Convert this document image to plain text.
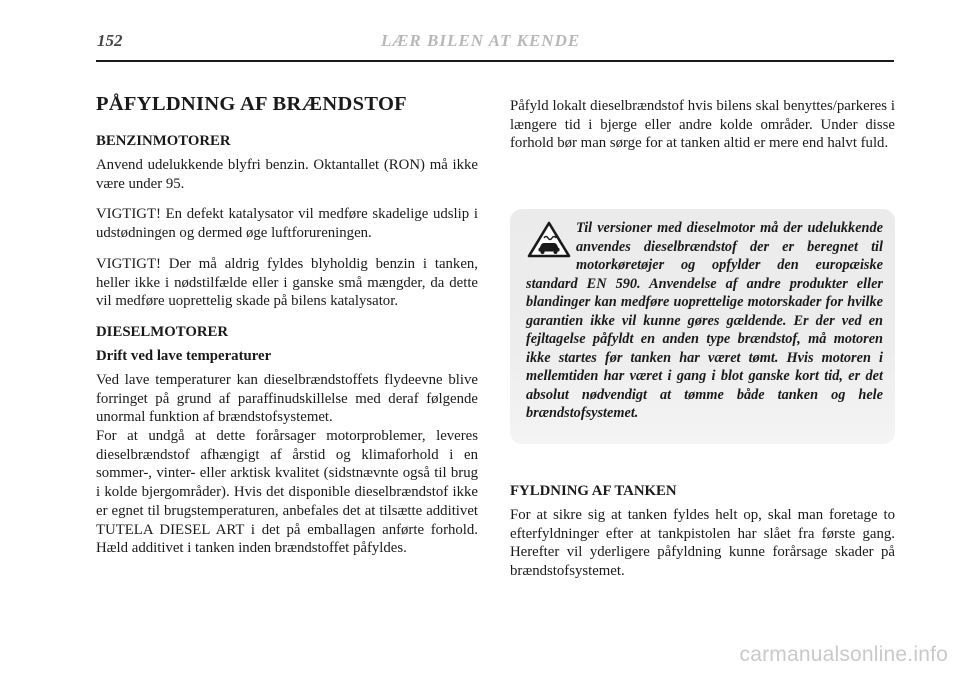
152	LÆR BILEN AT KENDE
PÅFYLDNING AF BRÆNDSTOF
BENZINMOTORER

Anvend udelukkende blyfri benzin. Oktantallet (RON) må ikke være under 95.

VIGTIGT! En defekt katalysator vil medføre skadelige udslip i udstødningen og dermed øge luftforureningen.

VIGTIGT! Der må aldrig fyldes blyholdig benzin i tanken, heller ikke i nødstilfælde eller i ganske små mængder, da dette vil medføre uoprettelig skade på bilens katalysator.

DIESELMOTORER
Drift ved lave temperaturer

Ved lave temperaturer kan dieselbrændstoffets flydeevne blive forringet på grund af paraffinudskillelse med deraf følgende unormal funktion af brændstofsystemet.

For at undgå at dette forårsager motorproblemer, leveres dieselbrændstof afhængigt af årstid og klimaforhold i en sommer-, vinter- eller arktisk kvalitet (sidstnævnte også til brug i kolde bjergområder). Hvis det disponible dieselbrændstof ikke er egnet til brugstemperaturen, anbefales det at tilsætte additivet TUTELA DIESEL ART i det på emballagen anførte forhold. Hæld additivet i tanken inden brændstoffet påfyldes.

Påfyld lokalt dieselbrændstof hvis bilens skal benyttes/parkeres i længere tid i bjerge eller andre kolde områder. Under disse forhold bør man sørge for at tanken altid er mere end halvt fuld.

Til versioner med dieselmotor må der udelukkende anvendes dieselbrændstof der er beregnet til motorkøretøjer og opfylder den europæiske standard EN 590. Anvendelse af andre produkter eller blandinger kan medføre uoprettelige motorskader for hvilke garantien ikke vil kunne gøres gældende. Er der ved en fejltagelse påfyldt en anden type brændstof, må motoren ikke startes før tanken har været tømt. Hvis motoren i mellemtiden har været i gang i blot ganske kort tid, er det absolut nødvendigt at tømme både tanken og hele brændstofsystemet.

FYLDNING AF TANKEN

For at sikre sig at tanken fyldes helt op, skal man foretage to efterfyldninger efter at tankpistolen har slået fra første gang. Herefter vil yderligere påfyldning kunne forårsage skader på brændstofsystemet.

carmanualsonline.info
